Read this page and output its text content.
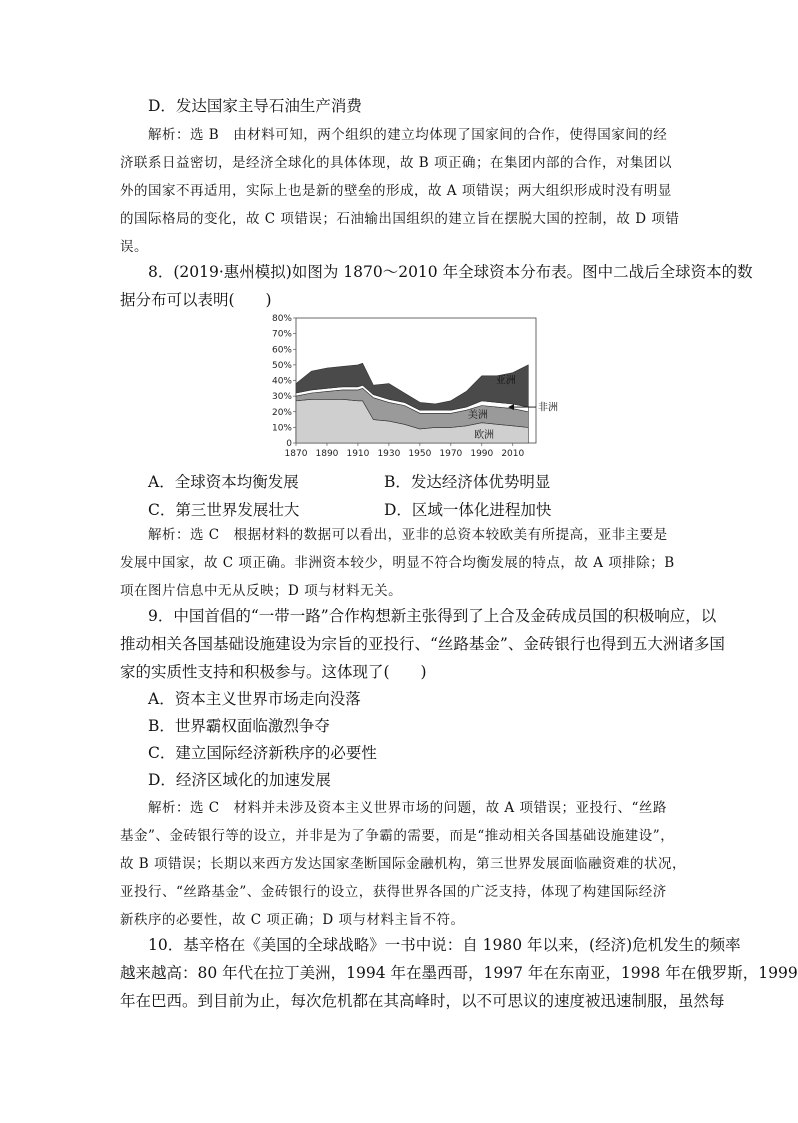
D．发达国家主导石油生产消费
解析：选 B　由材料可知，两个组织的建立均体现了国家间的合作，使得国家间的经
济联系日益密切，是经济全球化的具体体现，故 B 项正确；在集团内部的合作，对集团以
外的国家不再适用，实际上也是新的壁垒的形成，故 A 项错误；两大组织形成时没有明显
的国际格局的变化，故 C 项错误；石油输出国组织的建立旨在摆脱大国的控制，故 D 项错
误。
8．(2019·惠州模拟)如图为 1870～2010 年全球资本分布表。图中二战后全球资本的数
据分布可以表明(　　)
80%
70%
60%
50%
40%
30%
20%
10%
0
1870 1890 1910 1930 1950 1970 1990 2010
亚洲
美洲
欧洲
非洲
A．全球资本均衡发展	B．发达经济体优势明显
C．第三世界发展壮大	D．区域一体化进程加快
解析：选 C　根据材料的数据可以看出，亚非的总资本较欧美有所提高，亚非主要是
发展中国家，故 C 项正确。非洲资本较少，明显不符合均衡发展的特点，故 A 项排除；B
项在图片信息中无从反映；D 项与材料无关。
9．中国首倡的“一带一路”合作构想新主张得到了上合及金砖成员国的积极响应，以
推动相关各国基础设施建设为宗旨的亚投行、“丝路基金”、金砖银行也得到五大洲诸多国
家的实质性支持和积极参与。这体现了(　　)
A．资本主义世界市场走向没落
B．世界霸权面临激烈争夺
C．建立国际经济新秩序的必要性
D．经济区域化的加速发展
解析：选 C　材料并未涉及资本主义世界市场的问题，故 A 项错误；亚投行、“丝路
基金”、金砖银行等的设立，并非是为了争霸的需要，而是“推动相关各国基础设施建设”，
故 B 项错误；长期以来西方发达国家垄断国际金融机构，第三世界发展面临融资难的状况，
亚投行、“丝路基金”、金砖银行的设立，获得世界各国的广泛支持，体现了构建国际经济
新秩序的必要性，故 C 项正确；D 项与材料主旨不符。
10．基辛格在《美国的全球战略》一书中说：自 1980 年以来，(经济)危机发生的频率
越来越高：80 年代在拉丁美洲，1994 年在墨西哥，1997 年在东南亚，1998 年在俄罗斯，1999
年在巴西。到目前为止，每次危机都在其高峰时，以不可思议的速度被迅速制服，虽然每
